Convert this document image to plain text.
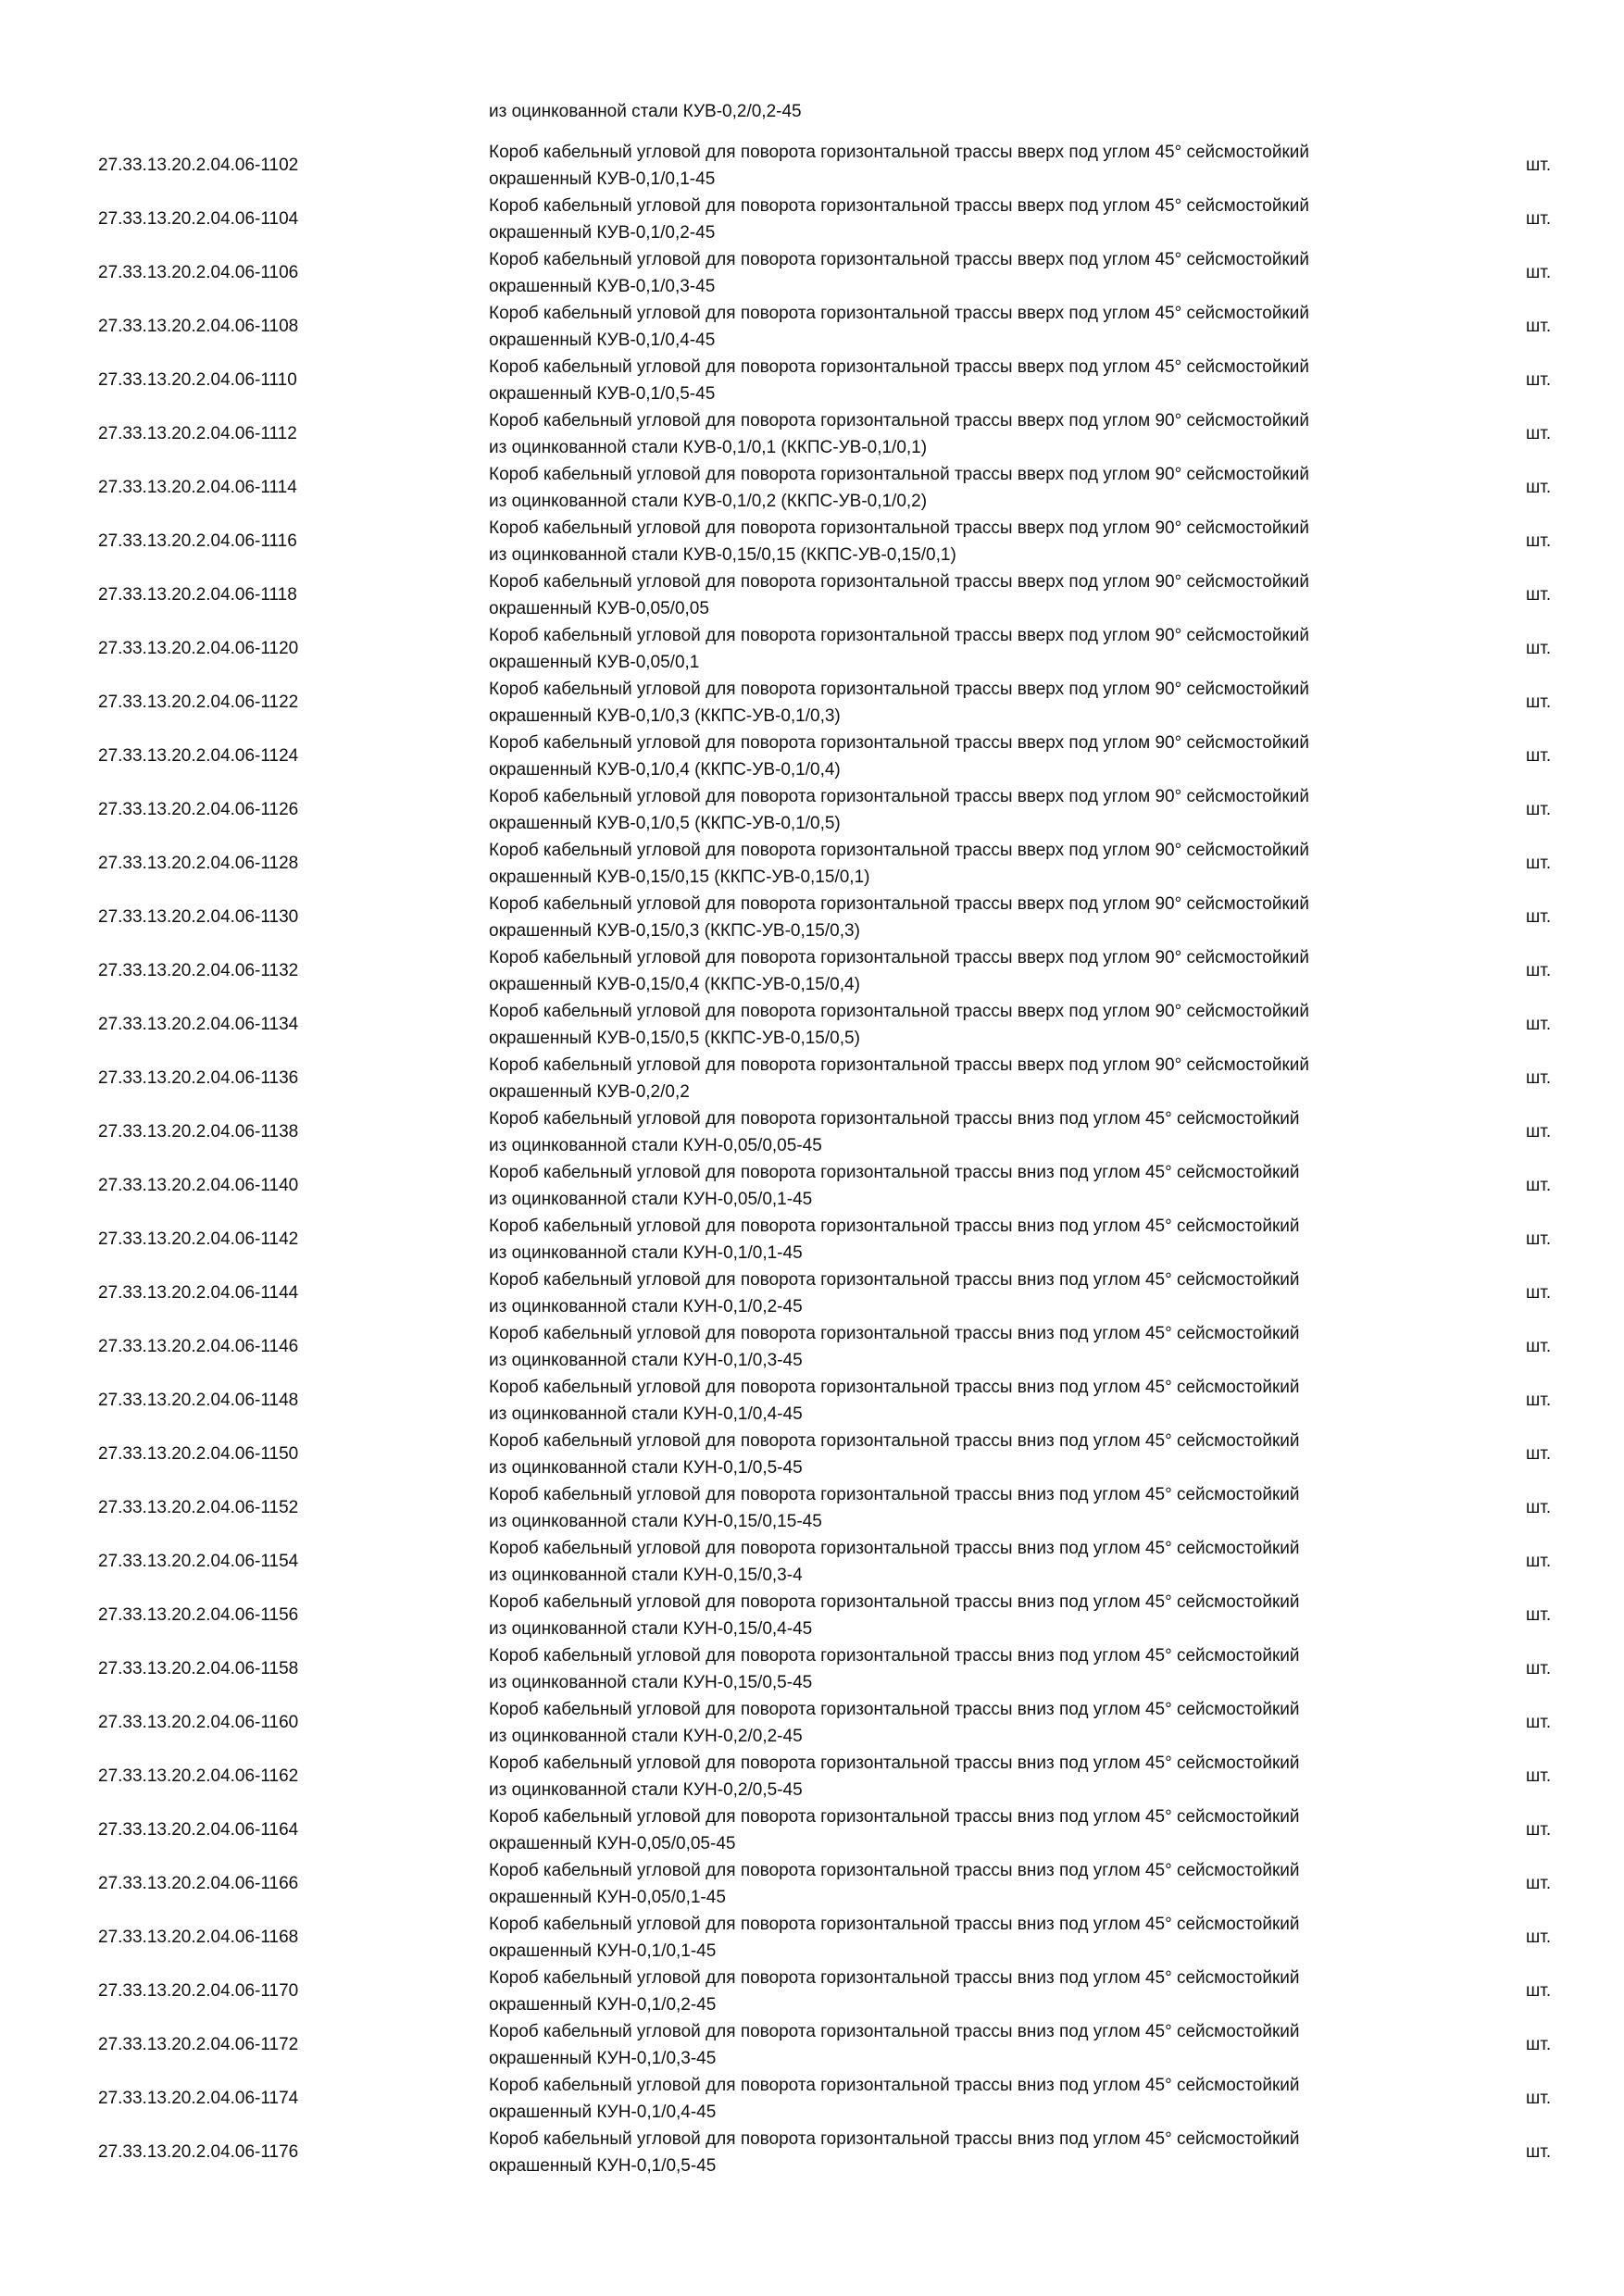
из оцинкованной стали КУВ-0,2/0,2-45
27.33.13.20.2.04.06-1102	Короб кабельный угловой для поворота горизонтальной трассы вверх под углом 45° сейсмостойкий
окрашенный КУВ-0,1/0,1-45	шт.
27.33.13.20.2.04.06-1104	Короб кабельный угловой для поворота горизонтальной трассы вверх под углом 45° сейсмостойкий
окрашенный КУВ-0,1/0,2-45	шт.
27.33.13.20.2.04.06-1106	Короб кабельный угловой для поворота горизонтальной трассы вверх под углом 45° сейсмостойкий
окрашенный КУВ-0,1/0,3-45	шт.
27.33.13.20.2.04.06-1108	Короб кабельный угловой для поворота горизонтальной трассы вверх под углом 45° сейсмостойкий
окрашенный КУВ-0,1/0,4-45	шт.
27.33.13.20.2.04.06-1110	Короб кабельный угловой для поворота горизонтальной трассы вверх под углом 45° сейсмостойкий
окрашенный КУВ-0,1/0,5-45	шт.
27.33.13.20.2.04.06-1112	Короб кабельный угловой для поворота горизонтальной трассы вверх под углом 90° сейсмостойкий
из оцинкованной стали КУВ-0,1/0,1 (ККПС-УВ-0,1/0,1)	шт.
27.33.13.20.2.04.06-1114	Короб кабельный угловой для поворота горизонтальной трассы вверх под углом 90° сейсмостойкий
из оцинкованной стали КУВ-0,1/0,2 (ККПС-УВ-0,1/0,2)	шт.
27.33.13.20.2.04.06-1116	Короб кабельный угловой для поворота горизонтальной трассы вверх под углом 90° сейсмостойкий
из оцинкованной стали КУВ-0,15/0,15 (ККПС-УВ-0,15/0,1)	шт.
27.33.13.20.2.04.06-1118	Короб кабельный угловой для поворота горизонтальной трассы вверх под углом 90° сейсмостойкий
окрашенный КУВ-0,05/0,05	шт.
27.33.13.20.2.04.06-1120	Короб кабельный угловой для поворота горизонтальной трассы вверх под углом 90° сейсмостойкий
окрашенный КУВ-0,05/0,1	шт.
27.33.13.20.2.04.06-1122	Короб кабельный угловой для поворота горизонтальной трассы вверх под углом 90° сейсмостойкий
окрашенный КУВ-0,1/0,3 (ККПС-УВ-0,1/0,3)	шт.
27.33.13.20.2.04.06-1124	Короб кабельный угловой для поворота горизонтальной трассы вверх под углом 90° сейсмостойкий
окрашенный КУВ-0,1/0,4 (ККПС-УВ-0,1/0,4)	шт.
27.33.13.20.2.04.06-1126	Короб кабельный угловой для поворота горизонтальной трассы вверх под углом 90° сейсмостойкий
окрашенный КУВ-0,1/0,5 (ККПС-УВ-0,1/0,5)	шт.
27.33.13.20.2.04.06-1128	Короб кабельный угловой для поворота горизонтальной трассы вверх под углом 90° сейсмостойкий
окрашенный КУВ-0,15/0,15 (ККПС-УВ-0,15/0,1)	шт.
27.33.13.20.2.04.06-1130	Короб кабельный угловой для поворота горизонтальной трассы вверх под углом 90° сейсмостойкий
окрашенный КУВ-0,15/0,3 (ККПС-УВ-0,15/0,3)	шт.
27.33.13.20.2.04.06-1132	Короб кабельный угловой для поворота горизонтальной трассы вверх под углом 90° сейсмостойкий
окрашенный КУВ-0,15/0,4 (ККПС-УВ-0,15/0,4)	шт.
27.33.13.20.2.04.06-1134	Короб кабельный угловой для поворота горизонтальной трассы вверх под углом 90° сейсмостойкий
окрашенный КУВ-0,15/0,5 (ККПС-УВ-0,15/0,5)	шт.
27.33.13.20.2.04.06-1136	Короб кабельный угловой для поворота горизонтальной трассы вверх под углом 90° сейсмостойкий
окрашенный КУВ-0,2/0,2	шт.
27.33.13.20.2.04.06-1138	Короб кабельный угловой для поворота горизонтальной трассы вниз под углом 45° сейсмостойкий
из оцинкованной стали КУН-0,05/0,05-45	шт.
27.33.13.20.2.04.06-1140	Короб кабельный угловой для поворота горизонтальной трассы вниз под углом 45° сейсмостойкий
из оцинкованной стали КУН-0,05/0,1-45	шт.
27.33.13.20.2.04.06-1142	Короб кабельный угловой для поворота горизонтальной трассы вниз под углом 45° сейсмостойкий
из оцинкованной стали КУН-0,1/0,1-45	шт.
27.33.13.20.2.04.06-1144	Короб кабельный угловой для поворота горизонтальной трассы вниз под углом 45° сейсмостойкий
из оцинкованной стали КУН-0,1/0,2-45	шт.
27.33.13.20.2.04.06-1146	Короб кабельный угловой для поворота горизонтальной трассы вниз под углом 45° сейсмостойкий
из оцинкованной стали КУН-0,1/0,3-45	шт.
27.33.13.20.2.04.06-1148	Короб кабельный угловой для поворота горизонтальной трассы вниз под углом 45° сейсмостойкий
из оцинкованной стали КУН-0,1/0,4-45	шт.
27.33.13.20.2.04.06-1150	Короб кабельный угловой для поворота горизонтальной трассы вниз под углом 45° сейсмостойкий
из оцинкованной стали КУН-0,1/0,5-45	шт.
27.33.13.20.2.04.06-1152	Короб кабельный угловой для поворота горизонтальной трассы вниз под углом 45° сейсмостойкий
из оцинкованной стали КУН-0,15/0,15-45	шт.
27.33.13.20.2.04.06-1154	Короб кабельный угловой для поворота горизонтальной трассы вниз под углом 45° сейсмостойкий
из оцинкованной стали КУН-0,15/0,3-4	шт.
27.33.13.20.2.04.06-1156	Короб кабельный угловой для поворота горизонтальной трассы вниз под углом 45° сейсмостойкий
из оцинкованной стали КУН-0,15/0,4-45	шт.
27.33.13.20.2.04.06-1158	Короб кабельный угловой для поворота горизонтальной трассы вниз под углом 45° сейсмостойкий
из оцинкованной стали КУН-0,15/0,5-45	шт.
27.33.13.20.2.04.06-1160	Короб кабельный угловой для поворота горизонтальной трассы вниз под углом 45° сейсмостойкий
из оцинкованной стали КУН-0,2/0,2-45	шт.
27.33.13.20.2.04.06-1162	Короб кабельный угловой для поворота горизонтальной трассы вниз под углом 45° сейсмостойкий
из оцинкованной стали КУН-0,2/0,5-45	шт.
27.33.13.20.2.04.06-1164	Короб кабельный угловой для поворота горизонтальной трассы вниз под углом 45° сейсмостойкий
окрашенный КУН-0,05/0,05-45	шт.
27.33.13.20.2.04.06-1166	Короб кабельный угловой для поворота горизонтальной трассы вниз под углом 45° сейсмостойкий
окрашенный КУН-0,05/0,1-45	шт.
27.33.13.20.2.04.06-1168	Короб кабельный угловой для поворота горизонтальной трассы вниз под углом 45° сейсмостойкий
окрашенный КУН-0,1/0,1-45	шт.
27.33.13.20.2.04.06-1170	Короб кабельный угловой для поворота горизонтальной трассы вниз под углом 45° сейсмостойкий
окрашенный КУН-0,1/0,2-45	шт.
27.33.13.20.2.04.06-1172	Короб кабельный угловой для поворота горизонтальной трассы вниз под углом 45° сейсмостойкий
окрашенный КУН-0,1/0,3-45	шт.
27.33.13.20.2.04.06-1174	Короб кабельный угловой для поворота горизонтальной трассы вниз под углом 45° сейсмостойкий
окрашенный КУН-0,1/0,4-45	шт.
27.33.13.20.2.04.06-1176	Короб кабельный угловой для поворота горизонтальной трассы вниз под углом 45° сейсмостойкий
окрашенный КУН-0,1/0,5-45	шт.
